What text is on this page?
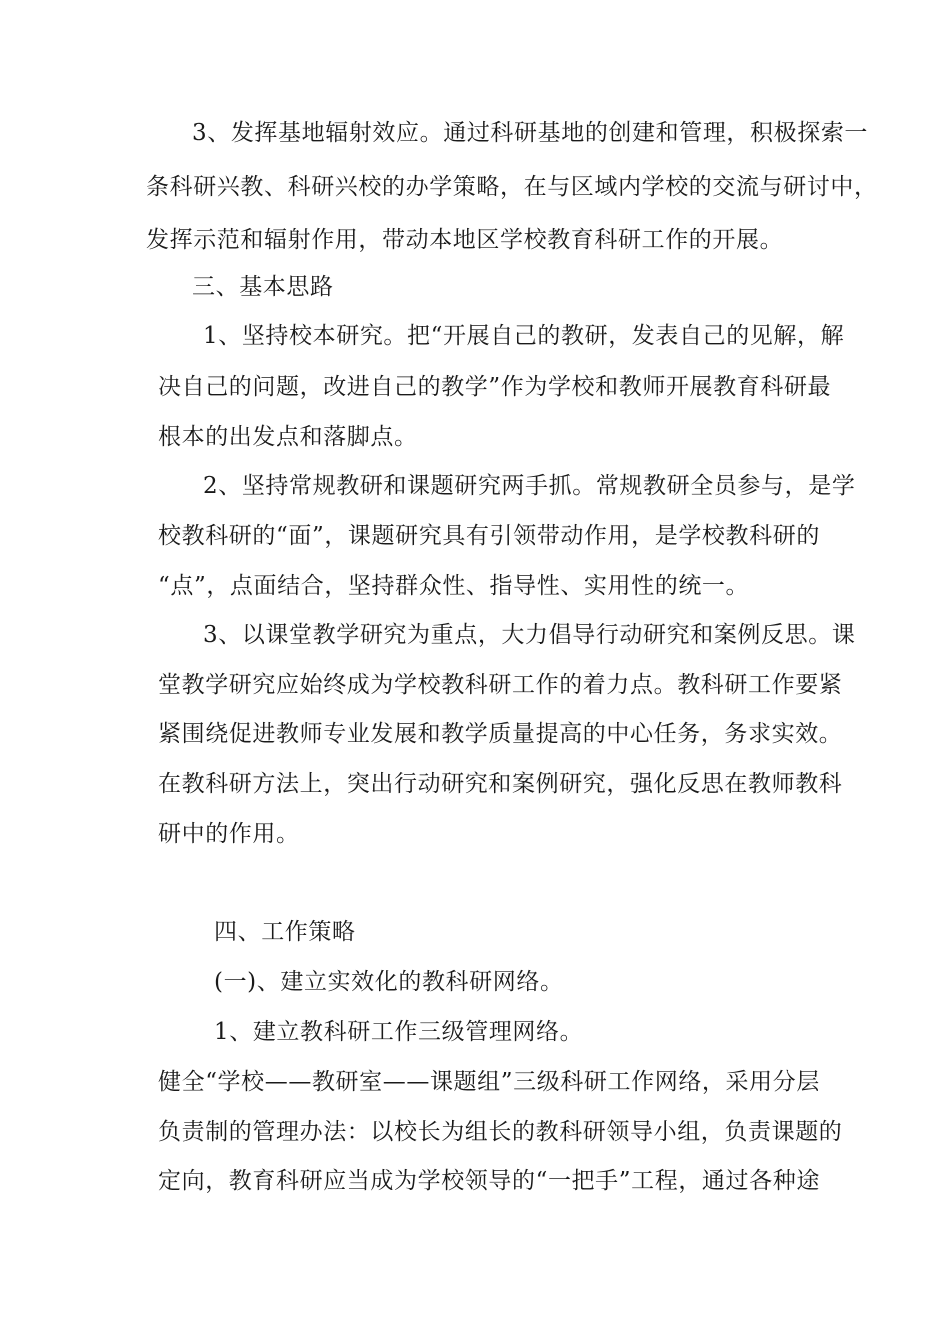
3、发挥基地辐射效应。通过科研基地的创建和管理，积极探索一
条科研兴教、科研兴校的办学策略，在与区域内学校的交流与研讨中，
发挥示范和辐射作用，带动本地区学校教育科研工作的开展。
三、基本思路
1、坚持校本研究。把“开展自己的教研，发表自己的见解，解
决自己的问题，改进自己的教学”作为学校和教师开展教育科研最
根本的出发点和落脚点。
2、坚持常规教研和课题研究两手抓。常规教研全员参与，是学
校教科研的“面”，课题研究具有引领带动作用，是学校教科研的
“点”，点面结合，坚持群众性、指导性、实用性的统一。
3、以课堂教学研究为重点，大力倡导行动研究和案例反思。课
堂教学研究应始终成为学校教科研工作的着力点。教科研工作要紧
紧围绕促进教师专业发展和教学质量提高的中心任务，务求实效。
在教科研方法上，突出行动研究和案例研究，强化反思在教师教科
研中的作用。
四、工作策略
(一)、建立实效化的教科研网络。
1、建立教科研工作三级管理网络。
健全“学校——教研室——课题组”三级科研工作网络，采用分层
负责制的管理办法：以校长为组长的教科研领导小组，负责课题的
定向，教育科研应当成为学校领导的“一把手”工程，通过各种途
